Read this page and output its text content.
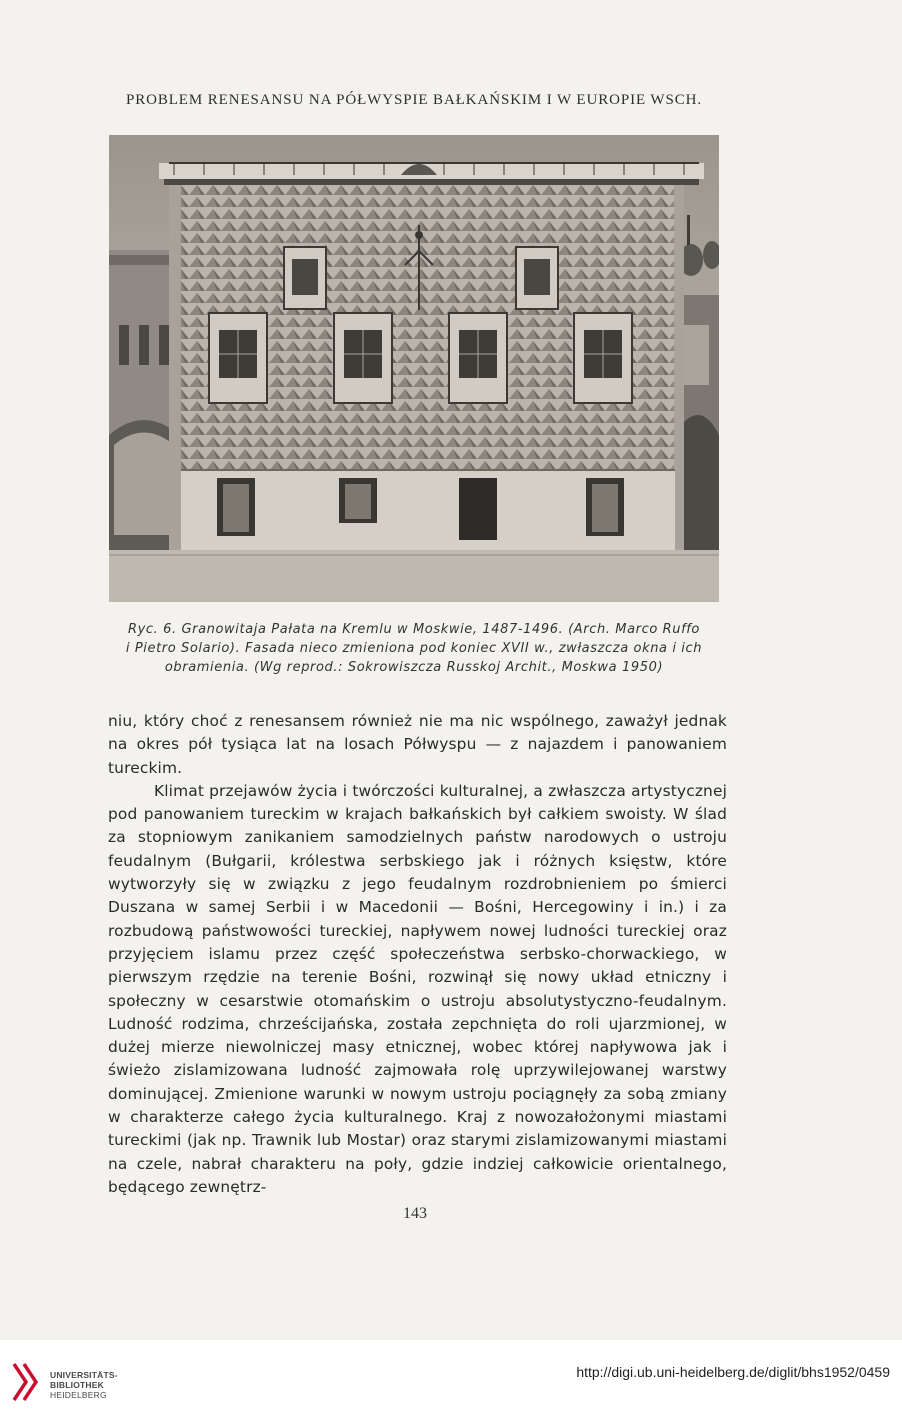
PROBLEM RENESANSU NA PÓŁWYSPIE BAŁKAŃSKIM I W EUROPIE WSCH.
Ryc. 6. Granowitaja Pałata na Kremlu w Moskwie, 1487-1496. (Arch. Marco Ruffo
i Pietro Solario). Fasada nieco zmieniona pod koniec XVII w., zwłaszcza okna i ich
obramienia. (Wg reprod.: Sokrowiszcza Russkoj Archit., Moskwa 1950)

niu, który choć z renesansem również nie ma nic wspólnego, zaważył jednak na okres pół tysiąca lat na losach Półwyspu — z najazdem i panowaniem tureckim.

Klimat przejawów życia i twórczości kulturalnej, a zwłaszcza artystycznej pod panowaniem tureckim w krajach bałkańskich był całkiem swoisty. W ślad za stopniowym zanikaniem samodzielnych państw narodowych o ustroju feudalnym (Bułgarii, królestwa serbskiego jak i różnych księstw, które wytworzyły się w związku z jego feudalnym rozdrobnieniem po śmierci Duszana w samej Serbii i w Macedonii — Bośni, Hercegowiny i in.) i za rozbudową państwowości tureckiej, napływem nowej ludności tureckiej oraz przyjęciem islamu przez część społeczeństwa serbsko-chorwackiego, w pierwszym rzędzie na terenie Bośni, rozwinął się nowy układ etniczny i społeczny w cesarstwie otomańskim o ustroju absolutystyczno-feudalnym. Ludność rodzima, chrześcijańska, została zepchnięta do roli ujarzmionej, w dużej mierze niewolniczej masy etnicznej, wobec której napływowa jak i świeżo zislamizowana ludność zajmowała rolę uprzywilejowanej warstwy dominującej. Zmienione warunki w nowym ustroju pociągnęły za sobą zmiany w charakterze całego życia kulturalnego. Kraj z nowozałożonymi miastami tureckimi (jak np. Trawnik lub Mostar) oraz starymi zislamizowanymi miastami na czele, nabrał charakteru na poły, gdzie indziej całkowicie orientalnego, będącego zewnętrz-

143
UNIVERSITÄTS-
BIBLIOTHEK
HEIDELBERG
http://digi.ub.uni-heidelberg.de/diglit/bhs1952/0459
